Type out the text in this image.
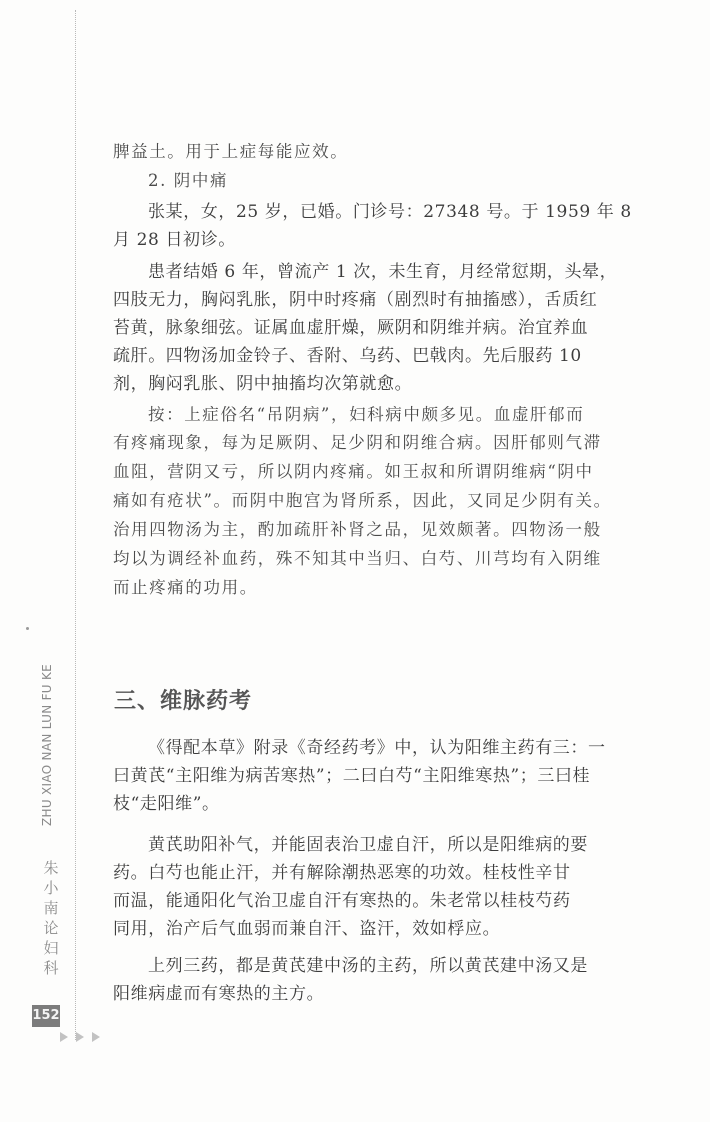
脾益土。用于上症每能应效。
2. 阴中痛
张某，女，25 岁，已婚。门诊号：27348 号。于 1959 年 8
月 28 日初诊。
患者结婚 6 年，曾流产 1 次，未生育，月经常愆期，头晕，
四肢无力，胸闷乳胀，阴中时疼痛（剧烈时有抽搐感），舌质红
苔黄，脉象细弦。证属血虚肝燥，厥阴和阴维并病。治宜养血
疏肝。四物汤加金铃子、香附、乌药、巴戟肉。先后服药 10
剂，胸闷乳胀、阴中抽搐均次第就愈。
按：上症俗名“吊阴病”，妇科病中颇多见。血虚肝郁而
有疼痛现象，每为足厥阴、足少阴和阴维合病。因肝郁则气滞
血阻，营阴又亏，所以阴内疼痛。如王叔和所谓阴维病“阴中
痛如有疮状”。而阴中胞宫为肾所系，因此，又同足少阴有关。
治用四物汤为主，酌加疏肝补肾之品，见效颇著。四物汤一般
均以为调经补血药，殊不知其中当归、白芍、川芎均有入阴维
而止疼痛的功用。
三、维脉药考
《得配本草》附录《奇经药考》中，认为阳维主药有三：一
曰黄芪“主阳维为病苦寒热”；二曰白芍“主阳维寒热”；三曰桂
枝“走阳维”。
黄芪助阳补气，并能固表治卫虚自汗，所以是阳维病的要
药。白芍也能止汗，并有解除潮热恶寒的功效。桂枝性辛甘
而温，能通阳化气治卫虚自汗有寒热的。朱老常以桂枝芍药
同用，治产后气血弱而兼自汗、盗汗，效如桴应。
上列三药，都是黄芪建中汤的主药，所以黄芪建中汤又是
阳维病虚而有寒热的主方。
ZHU XIAO NAN LUN FU KE
朱
小
南
论
妇
科
152
